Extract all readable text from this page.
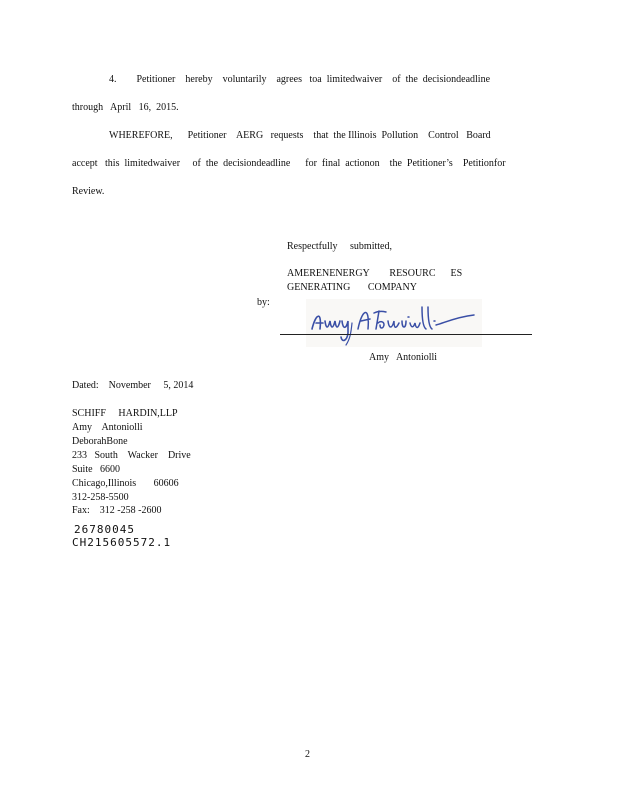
4.        Petitioner    hereby    voluntarily    agrees   toa  limitedwaiver    of  the  decisiondeadline
through   April   16,  2015.
WHEREFORE,      Petitioner    AERG   requests    that  the Illinois  Pollution    Control   Board
accept   this  limitedwaiver     of  the  decisiondeadline      for  final  actionon    the  Petitioner’s    Petitionfor
Review.
Respectfully     submitted,
AMERENENERGY        RESOURC      ES
GENERATING       COMPANY
by:
Amy   Antoniolli
Dated:    November     5, 2014
SCHIFF     HARDIN,LLP
Amy    Antoniolli
DeborahBone
233   South    Wacker    Drive
Suite   6600
Chicago,Illinois       60606
312-258-5500
Fax:    312 -258 -2600
26780045
CH215605572.1
2
